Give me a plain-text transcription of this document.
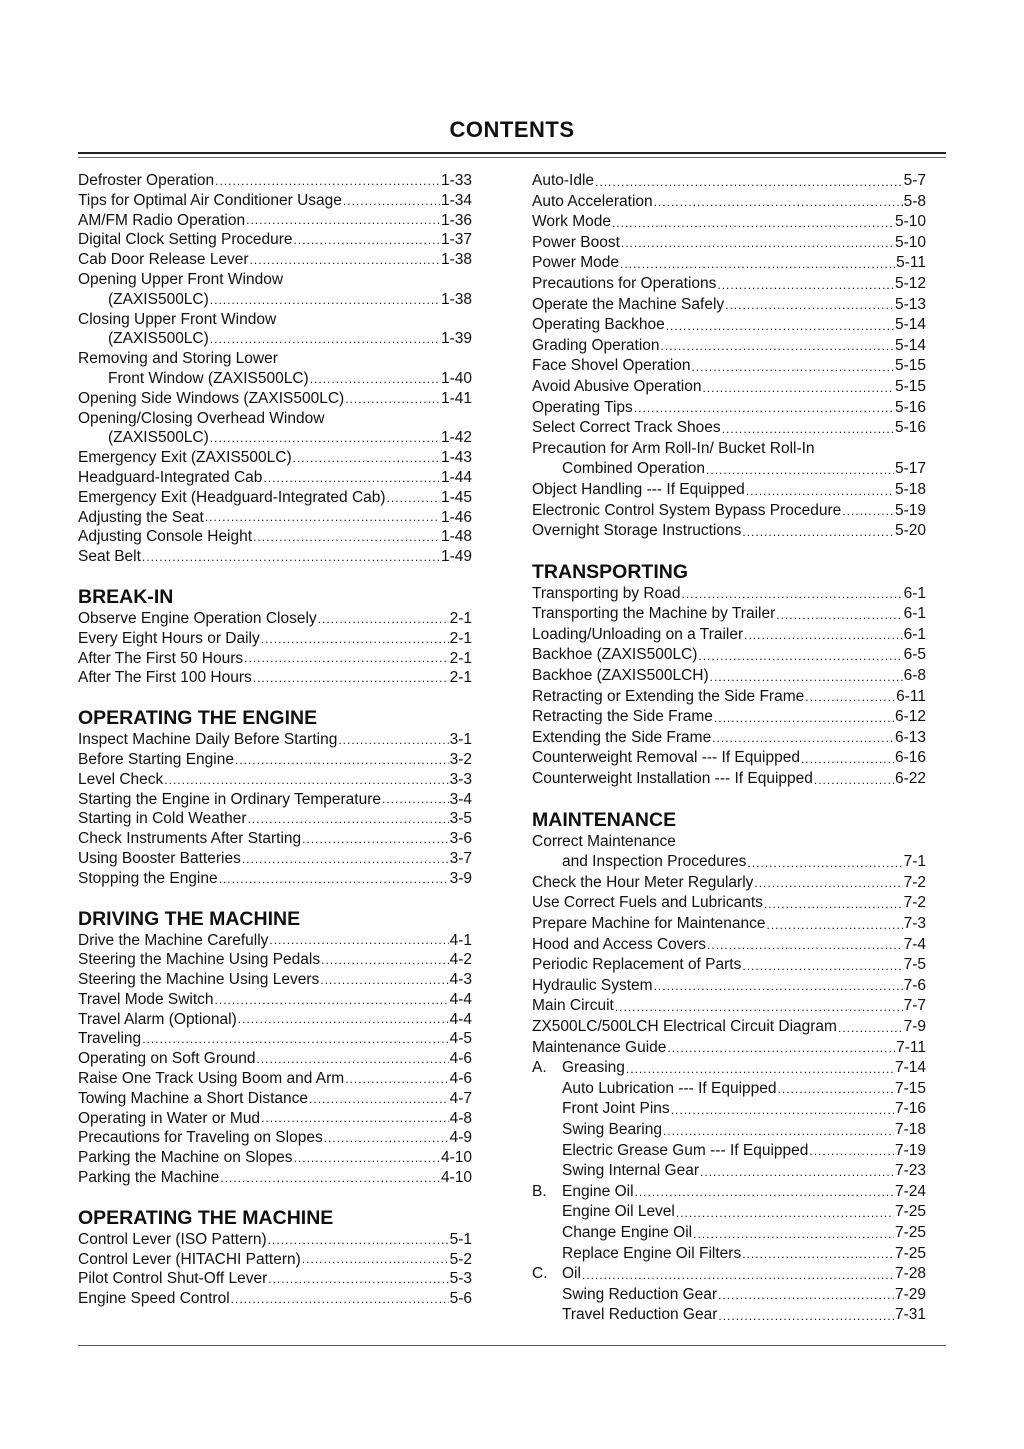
CONTENTS
Defroster Operation .....	1-33
Tips for Optimal Air Conditioner Usage .....	1-34
AM/FM Radio Operation .....	1-36
Digital Clock Setting Procedure .....	1-37
Cab Door Release Lever .....	1-38
Opening Upper Front Window
(ZAXIS500LC) .....	1-38
Closing Upper Front Window
(ZAXIS500LC) .....	1-39
Removing and Storing Lower
Front Window (ZAXIS500LC) .....	1-40
Opening Side Windows (ZAXIS500LC) .....	1-41
Opening/Closing Overhead Window
(ZAXIS500LC) .....	1-42
Emergency Exit (ZAXIS500LC) .....	1-43
Headguard-Integrated Cab .....	1-44
Emergency Exit (Headguard-Integrated Cab) .....	1-45
Adjusting the Seat .....	1-46
Adjusting Console Height .....	1-48
Seat Belt .....	1-49
BREAK-IN
Observe Engine Operation Closely .....	2-1
Every Eight Hours or Daily .....	2-1
After The First 50 Hours .....	2-1
After The First 100 Hours .....	2-1
OPERATING THE ENGINE
Inspect Machine Daily Before Starting .....	3-1
Before Starting Engine .....	3-2
Level Check .....	3-3
Starting the Engine in Ordinary Temperature .....	3-4
Starting in Cold Weather .....	3-5
Check Instruments After Starting .....	3-6
Using Booster Batteries .....	3-7
Stopping the Engine .....	3-9
DRIVING THE MACHINE
Drive the Machine Carefully .....	4-1
Steering the Machine Using Pedals .....	4-2
Steering the Machine Using Levers .....	4-3
Travel Mode Switch .....	4-4
Travel Alarm (Optional) .....	4-4
Traveling .....	4-5
Operating on Soft Ground .....	4-6
Raise One Track Using Boom and Arm .....	4-6
Towing Machine a Short Distance .....	4-7
Operating in Water or Mud .....	4-8
Precautions for Traveling on Slopes .....	4-9
Parking the Machine on Slopes .....	4-10
Parking the Machine .....	4-10
OPERATING THE MACHINE
Control Lever (ISO Pattern) .....	5-1
Control Lever (HITACHI Pattern) .....	5-2
Pilot Control Shut-Off Lever .....	5-3
Engine Speed Control .....	5-6
Auto-Idle .....	5-7
Auto Acceleration .....	5-8
Work Mode .....	5-10
Power Boost .....	5-10
Power Mode .....	5-11
Precautions for Operations .....	5-12
Operate the Machine Safely .....	5-13
Operating Backhoe .....	5-14
Grading Operation .....	5-14
Face Shovel Operation .....	5-15
Avoid Abusive Operation .....	5-15
Operating Tips .....	5-16
Select Correct Track Shoes .....	5-16
Precaution for Arm Roll-In/ Bucket Roll-In
Combined Operation .....	5-17
Object Handling --- If Equipped .....	5-18
Electronic Control System Bypass Procedure .....	5-19
Overnight Storage Instructions .....	5-20
TRANSPORTING
Transporting by Road .....	6-1
Transporting the Machine by Trailer .....	6-1
Loading/Unloading on a Trailer .....	6-1
Backhoe (ZAXIS500LC) .....	6-5
Backhoe (ZAXIS500LCH) .....	6-8
Retracting or Extending the Side Frame .....	6-11
Retracting the Side Frame .....	6-12
Extending the Side Frame .....	6-13
Counterweight Removal --- If Equipped .....	6-16
Counterweight Installation --- If Equipped .....	6-22
MAINTENANCE
Correct Maintenance
and Inspection Procedures .....	7-1
Check the Hour Meter Regularly .....	7-2
Use Correct Fuels and Lubricants .....	7-2
Prepare Machine for Maintenance .....	7-3
Hood and Access Covers .....	7-4
Periodic Replacement of Parts .....	7-5
Hydraulic System .....	7-6
Main Circuit .....	7-7
ZX500LC/500LCH Electrical Circuit Diagram .....	7-9
Maintenance Guide .....	7-11
A. Greasing .....	7-14
Auto Lubrication --- If Equipped .....	7-15
Front Joint Pins .....	7-16
Swing Bearing .....	7-18
Electric Grease Gum --- If Equipped .....	7-19
Swing Internal Gear .....	7-23
B. Engine Oil .....	7-24
Engine Oil Level .....	7-25
Change Engine Oil .....	7-25
Replace Engine Oil Filters .....	7-25
C. Oil .....	7-28
Swing Reduction Gear .....	7-29
Travel Reduction Gear .....	7-31
